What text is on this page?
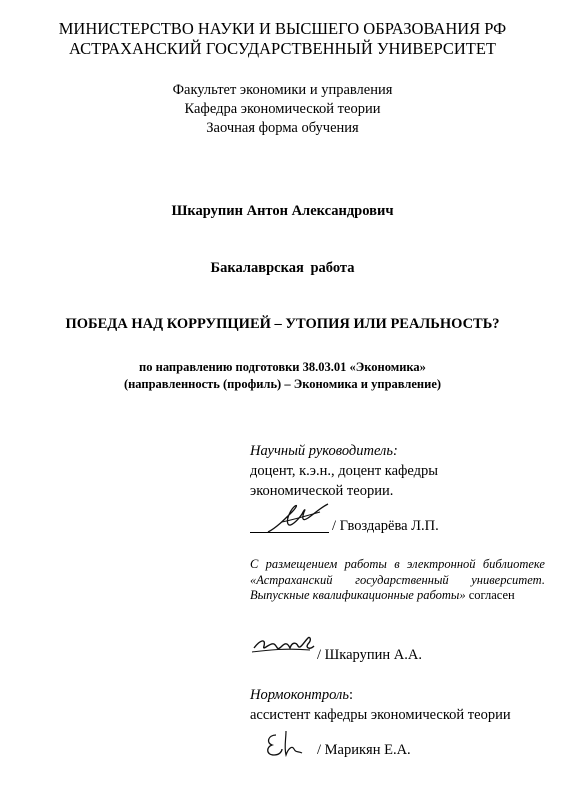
МИНИСТЕРСТВО НАУКИ И ВЫСШЕГО ОБРАЗОВАНИЯ РФ
АСТРАХАНСКИЙ ГОСУДАРСТВЕННЫЙ УНИВЕРСИТЕТ
Факультет экономики и управления
Кафедра экономической теории
Заочная форма обучения
Шкарупин Антон Александрович
Бакалаврская работа
ПОБЕДА НАД КОРРУПЦИЕЙ – УТОПИЯ ИЛИ РЕАЛЬНОСТЬ?
по направлению подготовки 38.03.01 «Экономика»
(направленность (профиль) – Экономика и управление)
Научный руководитель:
доцент, к.э.н., доцент кафедры
экономической теории.
/ Гвоздарёва Л.П.
С размещением работы в электронной библиотеке «Астраханский государственный университет. Выпускные квалификационные работы» согласен
/ Шкарупин А.А.
Нормоконтроль:
ассистент кафедры экономической теории
/ Марикян Е.А.
